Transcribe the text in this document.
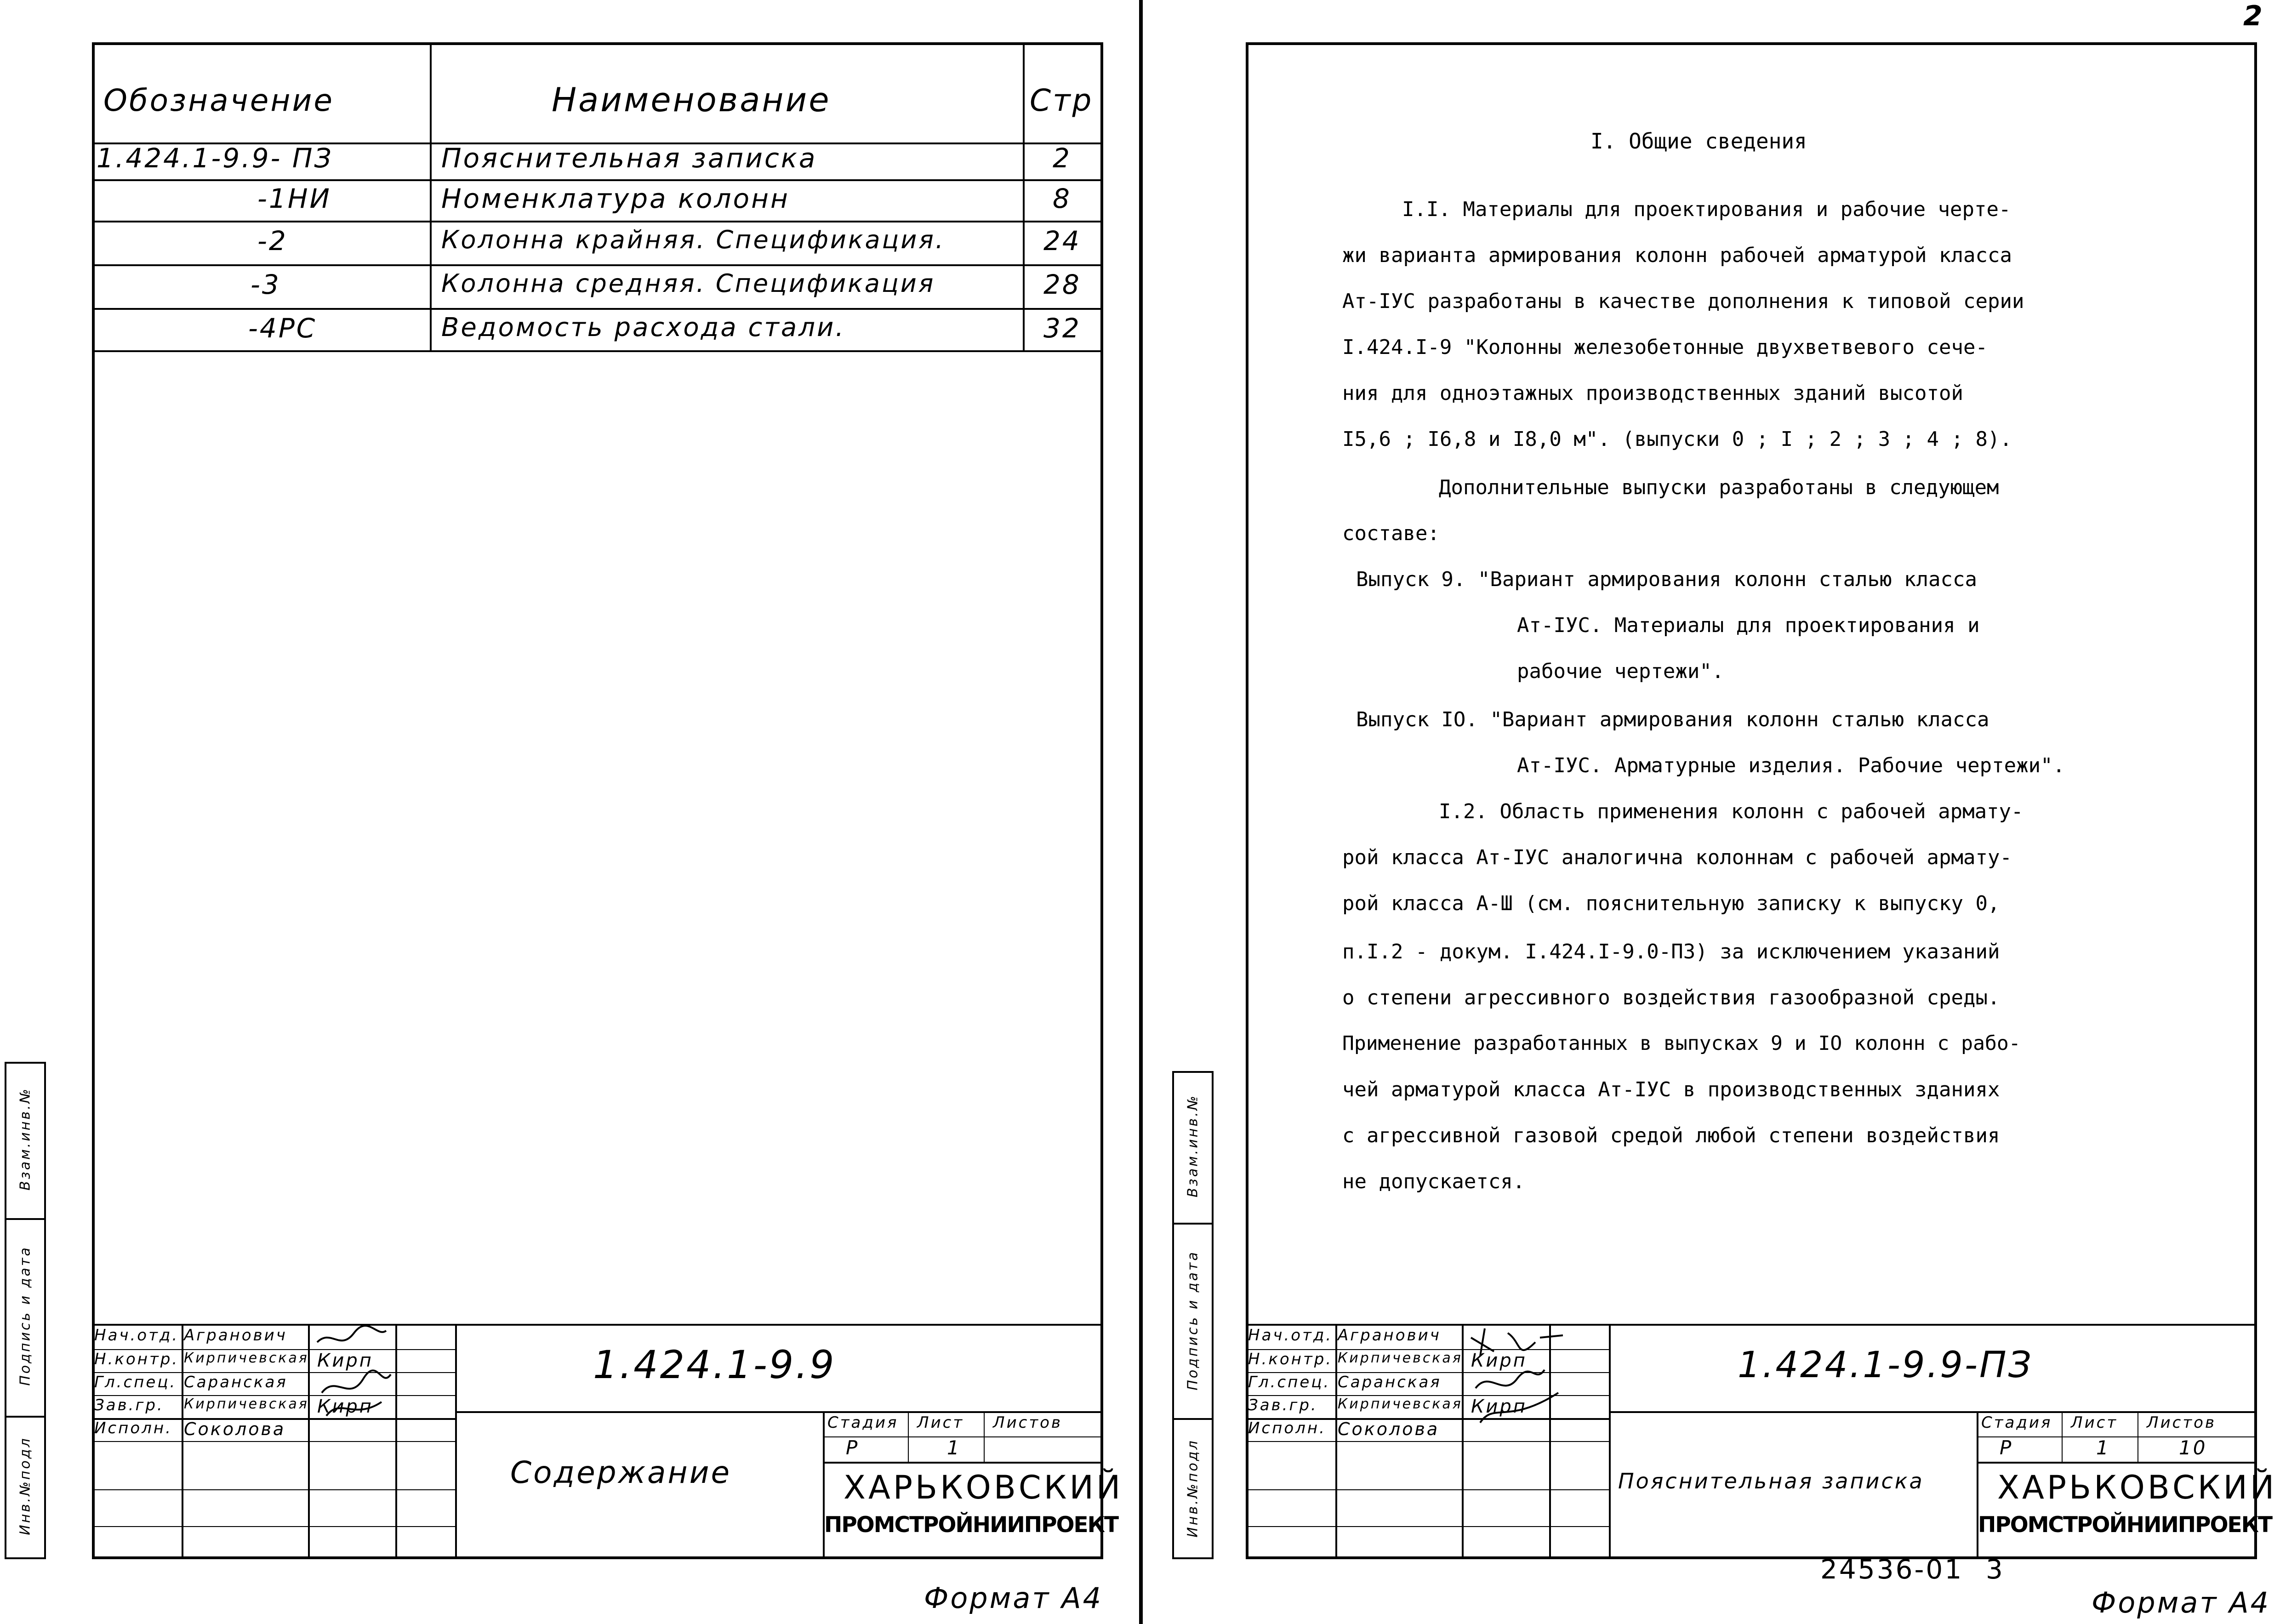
2
Обозначение	Наименование	Стр
1.424.1-9.9- ПЗ	Пояснительная записка	2
-1НИ	Номенклатура колонн	8
-2	Колонна крайняя. Спецификация.	24
-3	Колонна средняя. Спецификация	28
-4РС	Ведомость расхода стали.	32
Инв.№подл
Подпись и дата
Взам.инв.№
Нач.отд. Агранович
Н.контр. Кирпичевская Кирп
Гл.спец. Саранская
Зав.гр. Кирпичевская Кирп
Исполн. Соколова
1.424.1-9.9
Содержание
Стадия Лист Листов
Р	1
ХАРЬКОВСКИЙ
ПРОМСТРОЙНИИПРОЕКТ
Формат А4
I. Общие сведения
I.I. Материалы для проектирования и рабочие черте-
жи варианта армирования колонн рабочей арматурой класса
Ат-IУС разработаны в качестве дополнения к типовой серии
I.424.I-9 "Колонны железобетонные двухветвевого сече-
ния для одноэтажных производственных зданий высотой
I5,6 ; I6,8 и I8,0 м". (выпуски 0 ; I ; 2 ; 3 ; 4 ; 8).
Дополнительные выпуски разработаны в следующем
составе:
Выпуск 9. "Вариант армирования колонн сталью класса
Ат-IУС. Материалы для проектирования и
рабочие чертежи".
Выпуск IO. "Вариант армирования колонн сталью класса
Ат-IУС. Арматурные изделия. Рабочие чертежи".
I.2. Область применения колонн с рабочей армату-
рой класса Ат-IУС аналогична колоннам с рабочей армату-
рой класса А-Ш (см. пояснительную записку к выпуску 0,
п.I.2 - докум. I.424.I-9.0-ПЗ) за исключением указаний
о степени агрессивного воздействия газообразной среды.
Применение разработанных в выпусках 9 и IO колонн с рабо-
чей арматурой класса Ат-IУС в производственных зданиях
с агрессивной газовой средой любой степени воздействия
не допускается.
Инв.№подл
Подпись и дата
Взам.инв.№
Нач.отд. Агранович
Н.контр. Кирпичевская Кирп
Гл.спец. Саранская
Зав.гр. Кирпичевская Кирп
Исполн. Соколова
1.424.1-9.9-ПЗ
Пояснительная записка
Стадия Лист Листов
Р	1	10
ХАРЬКОВСКИЙ
ПРОМСТРОЙНИИПРОЕКТ
24536-01 3
Формат А4
